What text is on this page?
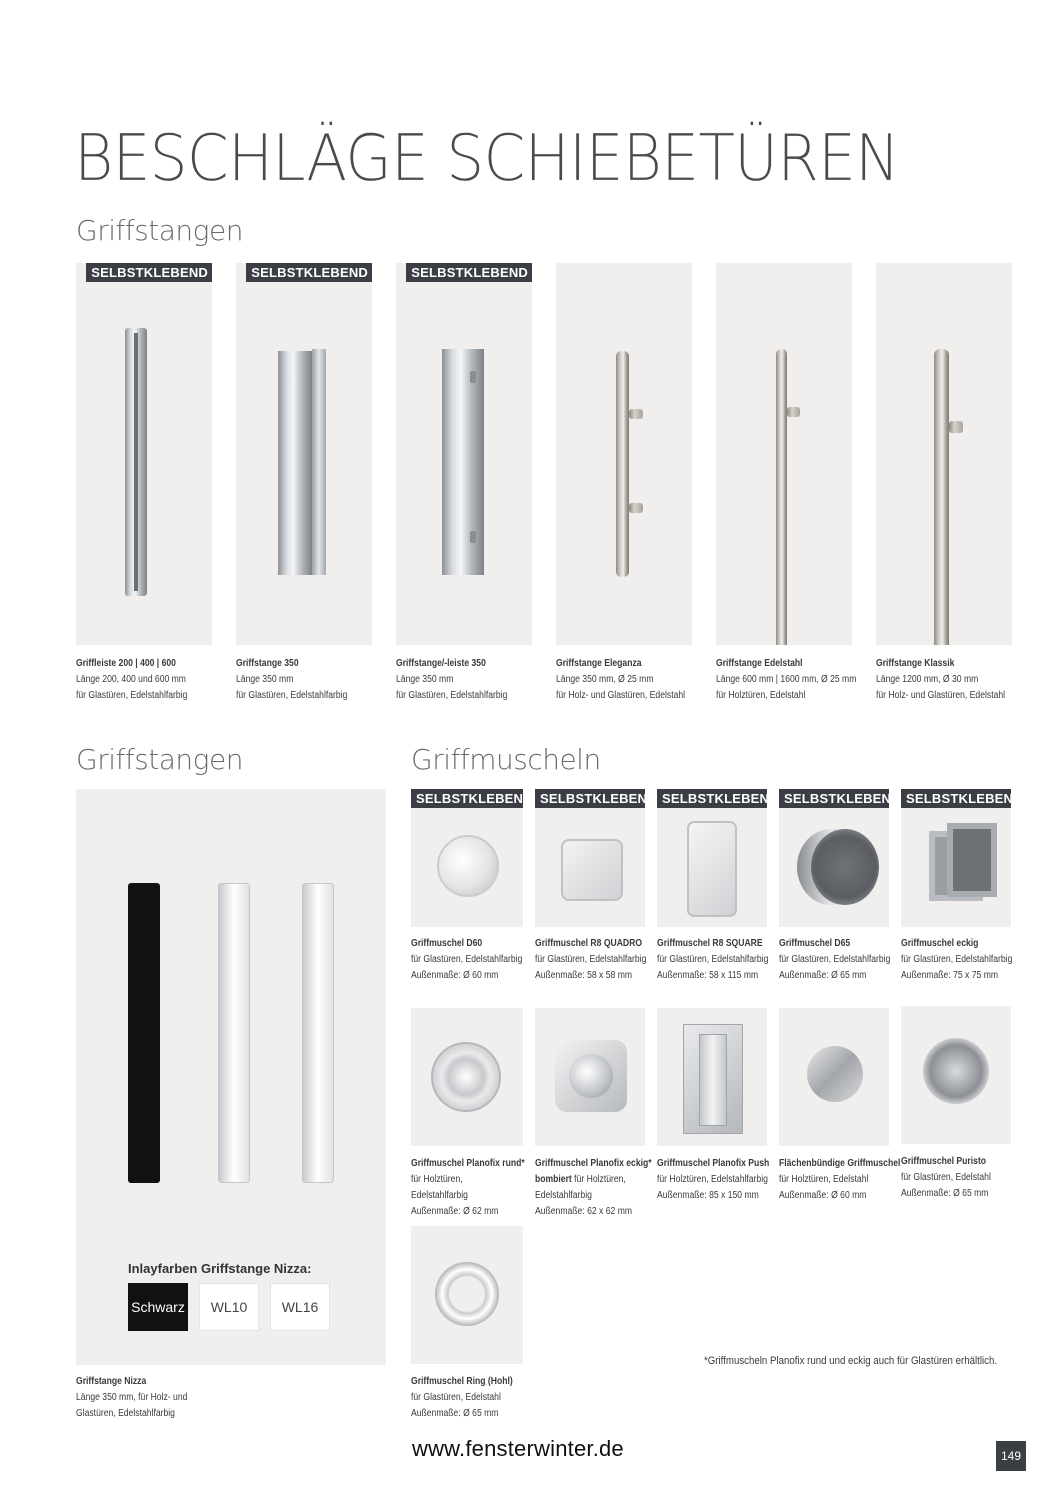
BESCHLÄGE SCHIEBETÜREN
Griffstangen
SELBSTKLEBEND	SELBSTKLEBEND	SELBSTKLEBEND
Griffleiste 200 | 400 | 600
Länge 200, 400 und 600 mm
für Glastüren, Edelstahlfarbig
Griffstange 350
Länge 350 mm
für Glastüren, Edelstahlfarbig
Griffstange/-leiste 350
Länge 350 mm
für Glastüren, Edelstahlfarbig
Griffstange Eleganza
Länge 350 mm, Ø 25 mm
für Holz- und Glastüren, Edelstahl
Griffstange Edelstahl
Länge 600 mm | 1600 mm, Ø 25 mm
für Holztüren, Edelstahl
Griffstange Klassik
Länge 1200 mm, Ø 30 mm
für Holz- und Glastüren, Edelstahl
Griffstangen	Griffmuscheln
Inlayfarben Griffstange Nizza:
Schwarz	WL10	WL16
Griffstange Nizza
Länge 350 mm, für Holz- und
Glastüren, Edelstahlfarbig
SELBSTKLEBEND SELBSTKLEBEND SELBSTKLEBEND SELBSTKLEBEND SELBSTKLEBEND
Griffmuschel D60
für Glastüren, Edelstahlfarbig
Außenmaße: Ø 60 mm
Griffmuschel R8 QUADRO
für Glastüren, Edelstahlfarbig
Außenmaße: 58 x 58 mm
Griffmuschel R8 SQUARE
für Glastüren, Edelstahlfarbig
Außenmaße: 58 x 115 mm
Griffmuschel D65
für Glastüren, Edelstahlfarbig
Außenmaße: Ø 65 mm
Griffmuschel eckig
für Glastüren, Edelstahlfarbig
Außenmaße: 75 x 75 mm
Griffmuschel Planofix rund*
für Holztüren,
Edelstahlfarbig
Außenmaße: Ø 62 mm
Griffmuschel Planofix eckig*
bombiert für Holztüren,
Edelstahlfarbig
Außenmaße: 62 x 62 mm
Griffmuschel Planofix Push
für Holztüren, Edelstahlfarbig
Außenmaße: 85 x 150 mm
Flächenbündige Griffmuschel
für Holztüren, Edelstahl
Außenmaße: Ø 60 mm
Griffmuschel Puristo
für Glastüren, Edelstahl
Außenmaße: Ø 65 mm
Griffmuschel Ring (Hohl)
für Glastüren, Edelstahl
Außenmaße: Ø 65 mm
*Griffmuscheln Planofix rund und eckig auch für Glastüren erhältlich.
www.fensterwinter.de	149
